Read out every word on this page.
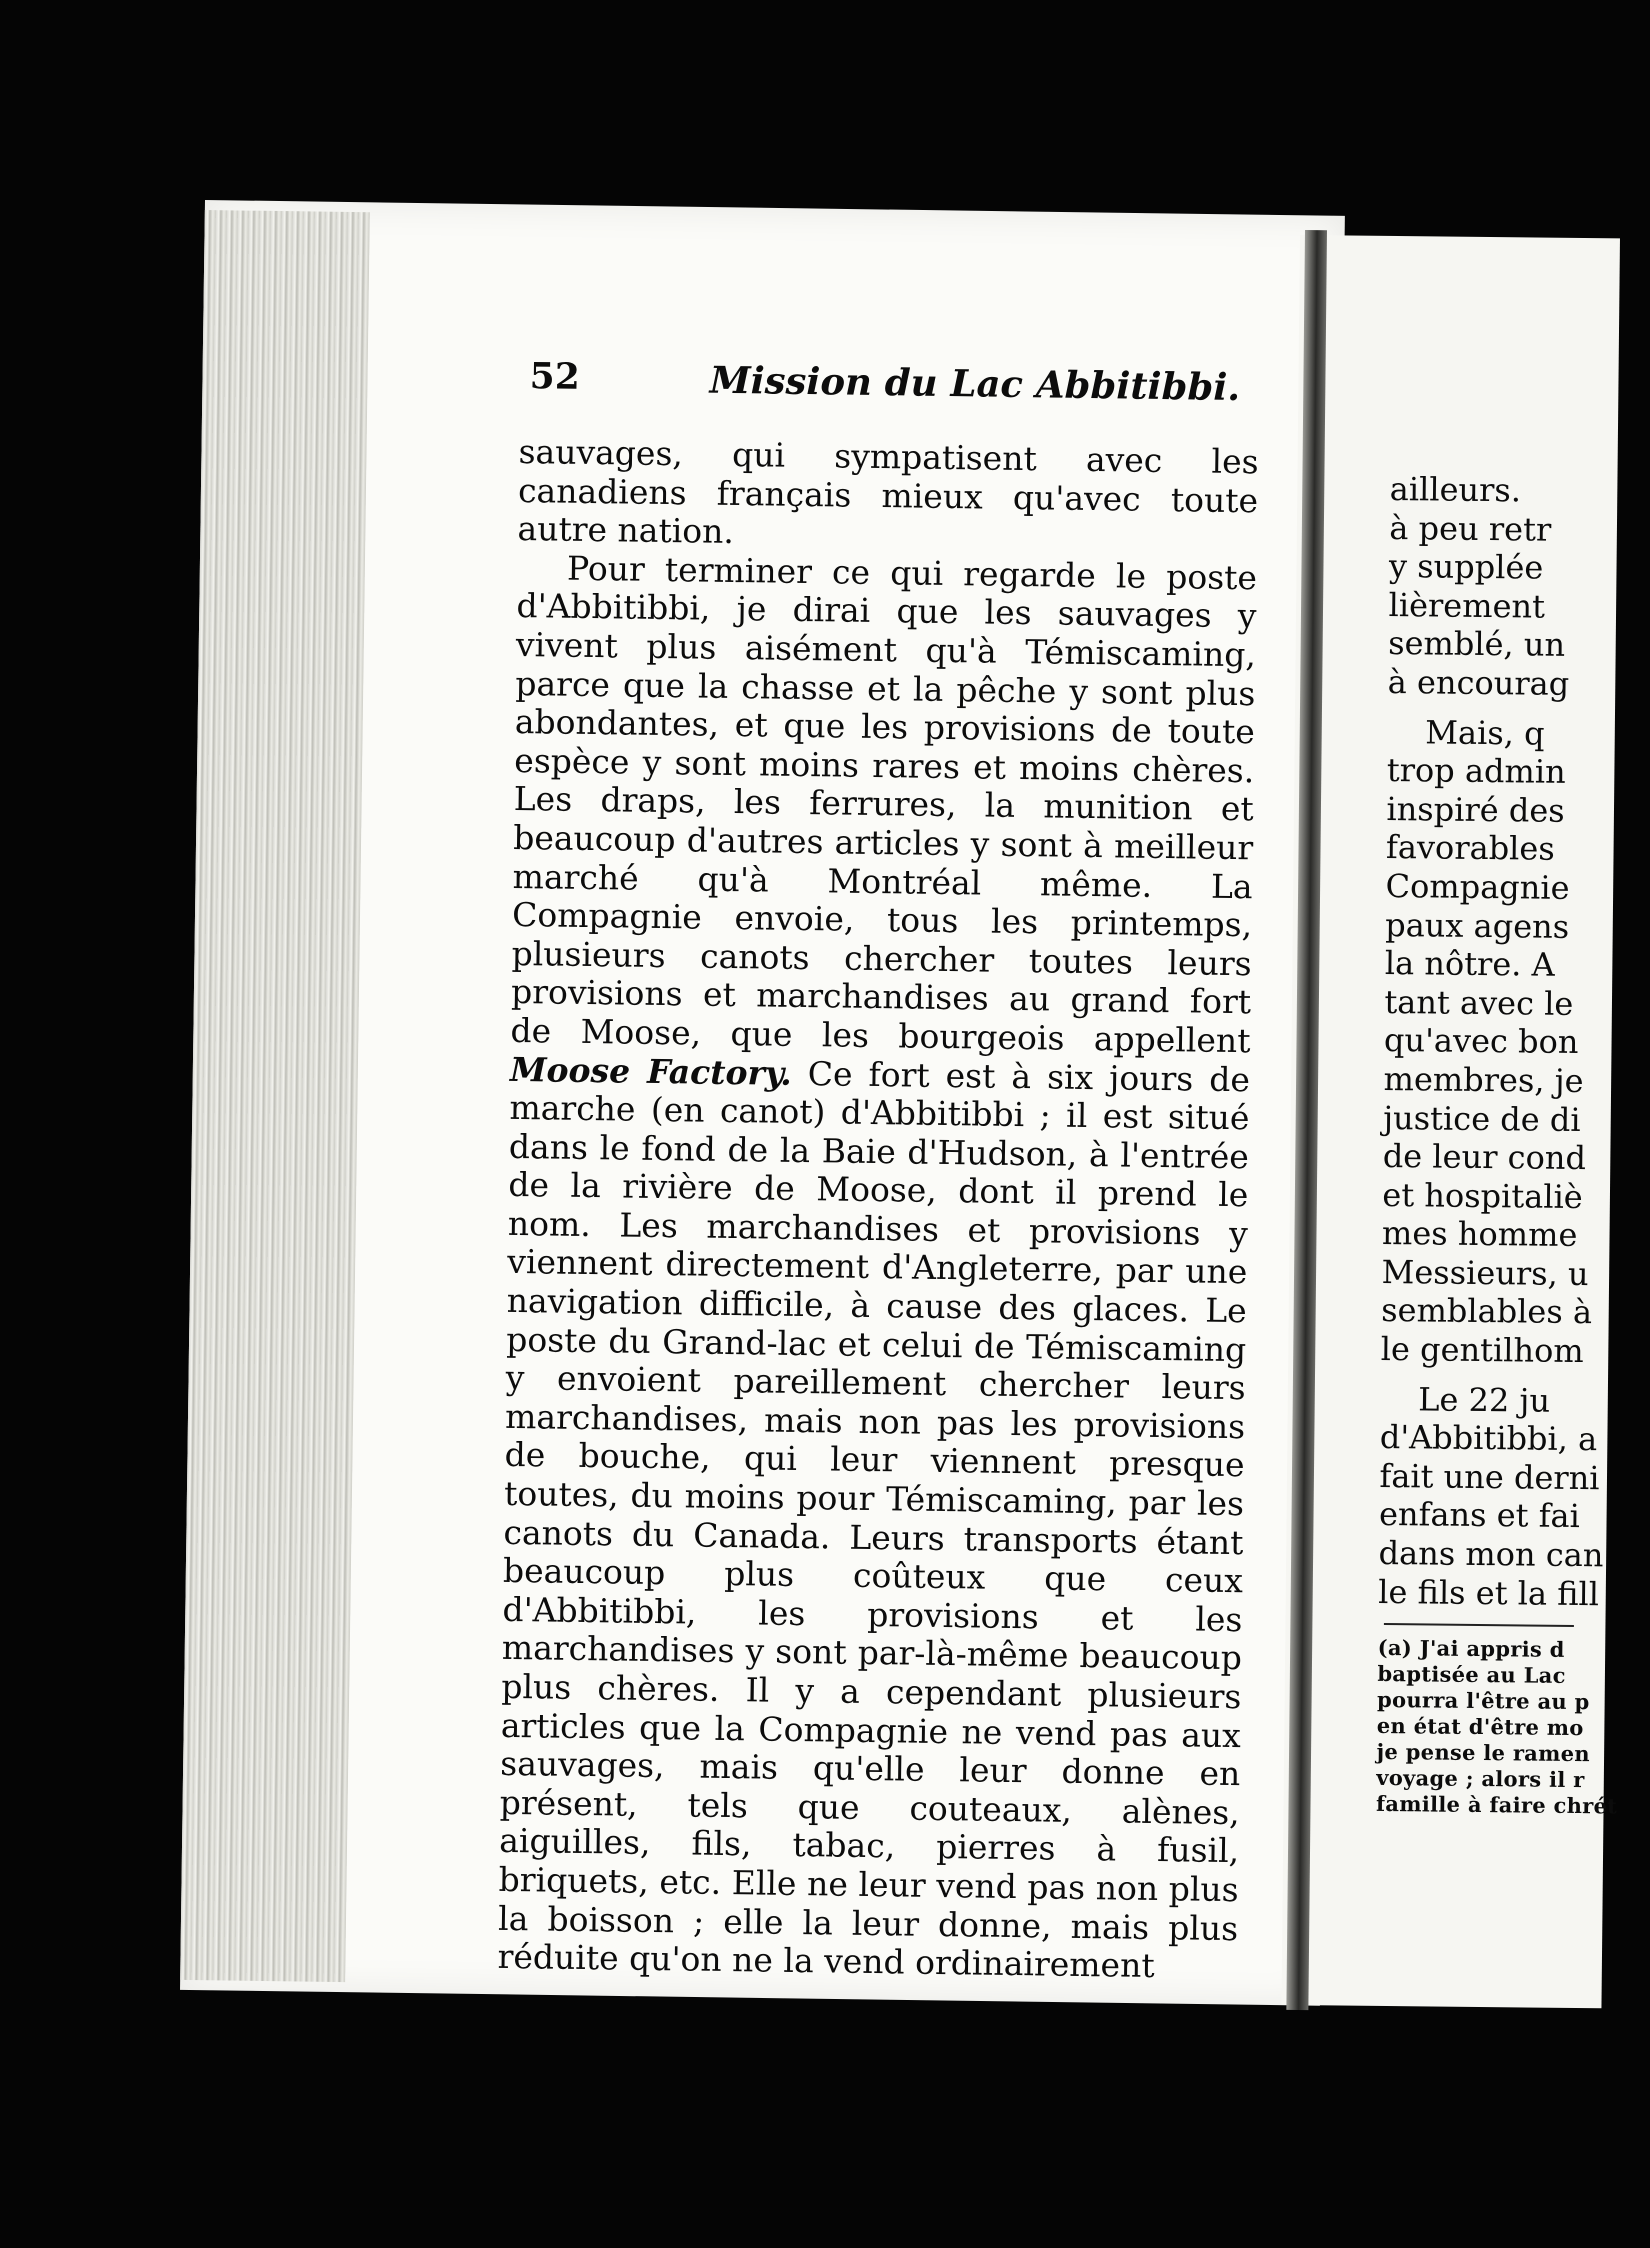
52	Mission du Lac Abbitibbi.

sauvages, qui sympatisent avec les canadiens français mieux qu'avec toute autre nation.

Pour terminer ce qui regarde le poste d'Abbitibbi, je dirai que les sauvages y vivent plus aisément qu'à Témiscaming, parce que la chasse et la pêche y sont plus abondantes, et que les provisions de toute espèce y sont moins rares et moins chères. Les draps, les ferrures, la munition et beaucoup d'autres articles y sont à meilleur marché qu'à Montréal même. La Compagnie envoie, tous les printemps, plusieurs canots chercher toutes leurs provisions et marchandises au grand fort de Moose, que les bourgeois appellent Moose Factory. Ce fort est à six jours de marche (en canot) d'Abbitibbi ; il est situé dans le fond de la Baie d'Hudson, à l'entrée de la rivière de Moose, dont il prend le nom. Les marchandises et provisions y viennent directement d'Angleterre, par une navigation difficile, à cause des glaces. Le poste du Grand-lac et celui de Témiscaming y envoient pareillement chercher leurs marchandises, mais non pas les provisions de bouche, qui leur viennent presque toutes, du moins pour Témiscaming, par les canots du Canada. Leurs transports étant beaucoup plus coûteux que ceux d'Abbitibbi, les provisions et les marchandises y sont par-là-même beaucoup plus chères. Il y a cependant plusieurs articles que la Compagnie ne vend pas aux sauvages, mais qu'elle leur donne en présent, tels que couteaux, alènes, aiguilles, fils, tabac, pierres à fusil, briquets, etc. Elle ne leur vend pas non plus la boisson ; elle la leur donne, mais plus réduite qu'on ne la vend ordinairement

ailleurs.
à peu retr
y supplée
lièrement
semblé, un
à encourag
Mais, q
trop admin
inspiré des
favorables
Compagnie
paux agens
la nôtre. A
tant avec le
qu'avec bon
membres, je
justice de di
de leur cond
et hospitaliè
mes homme
Messieurs, u
semblables à
le gentilhom
Le 22 ju
d'Abbitibbi, a
fait une derni
enfans et fai
dans mon can
le fils et la fill
(a) J'ai appris d
baptisée au Lac
pourra l'être au p
en état d'être mo
je pense le ramen
voyage ; alors il r
famille à faire chrét
